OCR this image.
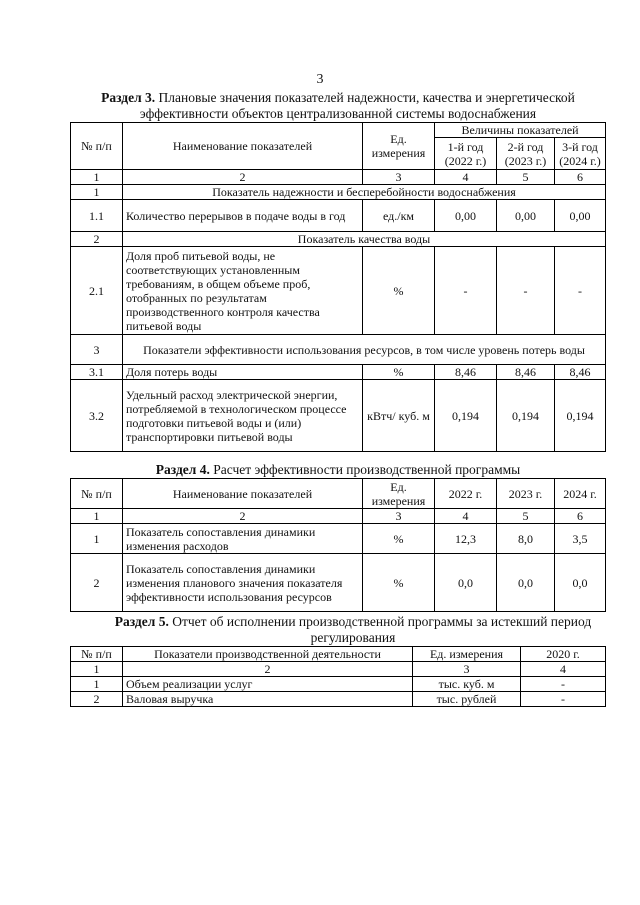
3
Раздел 3. Плановые значения показателей надежности, качества и энергетической эффективности объектов централизованной системы водоснабжения
№ п/п	Наименование показателей	Ед. измерения	Величины показателей		
			1-й год (2022 г.)	2-й год (2023 г.)	3-й год (2024 г.)
1	2	3	4	5	6
1	Показатель надежности и бесперебойности водоснабжения				
1.1	Количество перерывов в подаче воды в год	ед./км	0,00	0,00	0,00
2	Показатель качества воды				
2.1	Доля проб питьевой воды, не соответствующих установленным требованиям, в общем объеме проб, отобранных по результатам производственного контроля качества питьевой воды	%	-	-	-
3	Показатели эффективности использования ресурсов, в том числе уровень потерь воды				
3.1	Доля потерь воды	%	8,46	8,46	8,46
3.2	Удельный расход электрической энергии, потребляемой в технологическом процессе подготовки питьевой воды и (или) транспортировки питьевой воды	кВтч/ куб. м	0,194	0,194	0,194
Раздел 4. Расчет эффективности производственной программы
№ п/п	Наименование показателей	Ед. измерения	2022 г.	2023 г.	2024 г.
1	2	3	4	5	6
1	Показатель сопоставления динамики изменения расходов	%	12,3	8,0	3,5
2	Показатель сопоставления динамики изменения планового значения показателя эффективности использования ресурсов	%	0,0	0,0	0,0
Раздел 5. Отчет об исполнении производственной программы за истекший период регулирования
№ п/п	Показатели производственной деятельности	Ед. измерения	2020 г.
1	2	3	4
1	Объем реализации услуг	тыс. куб. м	-
2	Валовая выручка	тыс. рублей	-
